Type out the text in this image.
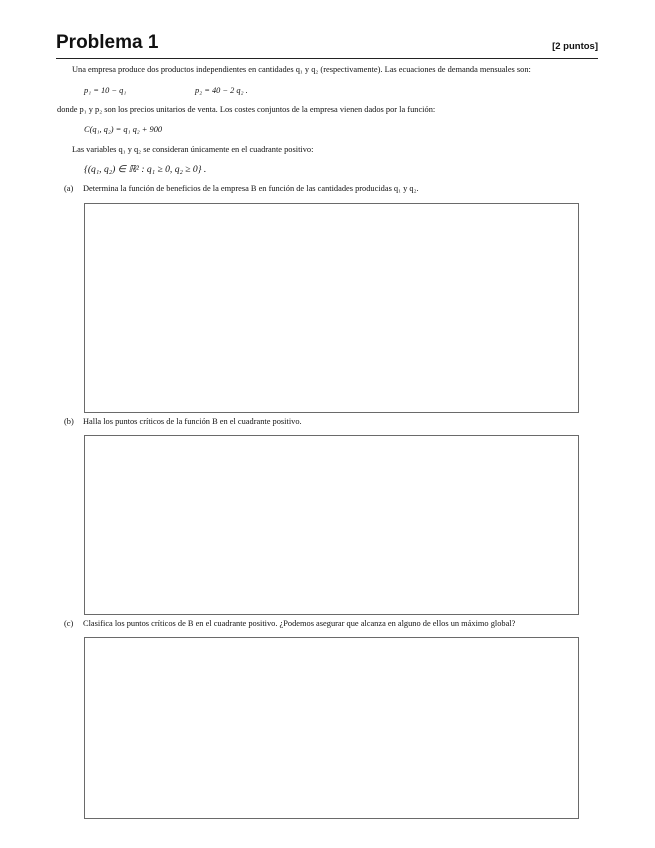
Problema 1	[2 puntos]
Una empresa produce dos productos independientes en cantidades q₁ y q₂ (respectivamente). Las ecuaciones de demanda mensuales son:
p₁ = 10 − q₁	p₂ = 40 − 2 q₂ .
donde p₁ y p₂ son los precios unitarios de venta. Los costes conjuntos de la empresa vienen dados por la función:
C(q₁, q₂) = q₁ q₂ + 900
Las variables q₁ y q₂ se consideran únicamente en el cuadrante positivo:
{(q₁, q₂) ∈ ℝ² : q₁ ≥ 0, q₂ ≥ 0} .
(a) Determina la función de beneficios de la empresa B en función de las cantidades producidas q₁ y q₂.
(b) Halla los puntos críticos de la función B en el cuadrante positivo.
(c) Clasifica los puntos críticos de B en el cuadrante positivo. ¿Podemos asegurar que alcanza en alguno de ellos un máximo global?
